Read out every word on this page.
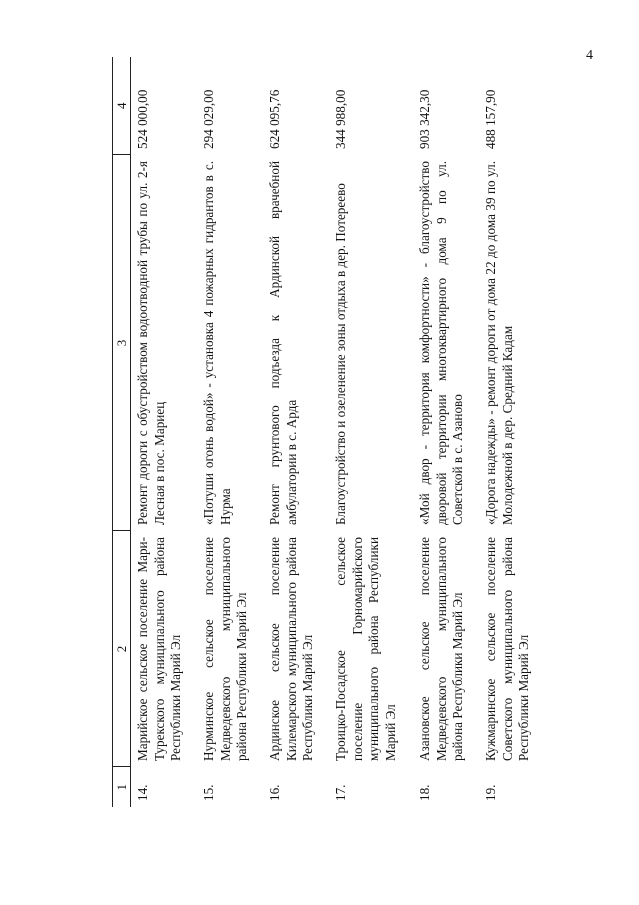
4
1	2	3	4
14.	Марийское сельское поселение Мари-Турекского муниципального района Республики Марий Эл	Ремонт дороги с обустройством водоотводной трубы по ул. 2-я Лесная в пос. Мариец	524 000,00
15.	Нурминское сельское поселение Медведевского муниципального района Республики Марий Эл	«Потуши огонь водой» - установка 4 пожарных гидрантов в с. Нурма	294 029,00
16.	Ардинское сельское поселение Килемарского муниципального района Республики Марий Эл	Ремонт грунтового подъезда к Ардинской врачебной амбулатории в с. Арда	624 095,76
17.	Троицко-Посадское сельское поселение Горномарийского муниципального района Республики Марий Эл	Благоустройство и озеленение зоны отдыха в дер. Потереево	344 988,00
18.	Азановское сельское поселение Медведевского муниципального района Республики Марий Эл	«Мой двор - территория комфортности» - благоустройство дворовой территории многоквартирного дома 9 по ул. Советской в с. Азаново	903 342,30
19.	Кужмаринское сельское поселение Советского муниципального района Республики Марий Эл	«Дорога надежды» - ремонт дороги от дома 22 до дома 39 по ул. Молодежной в дер. Средний Кадам	488 157,90
